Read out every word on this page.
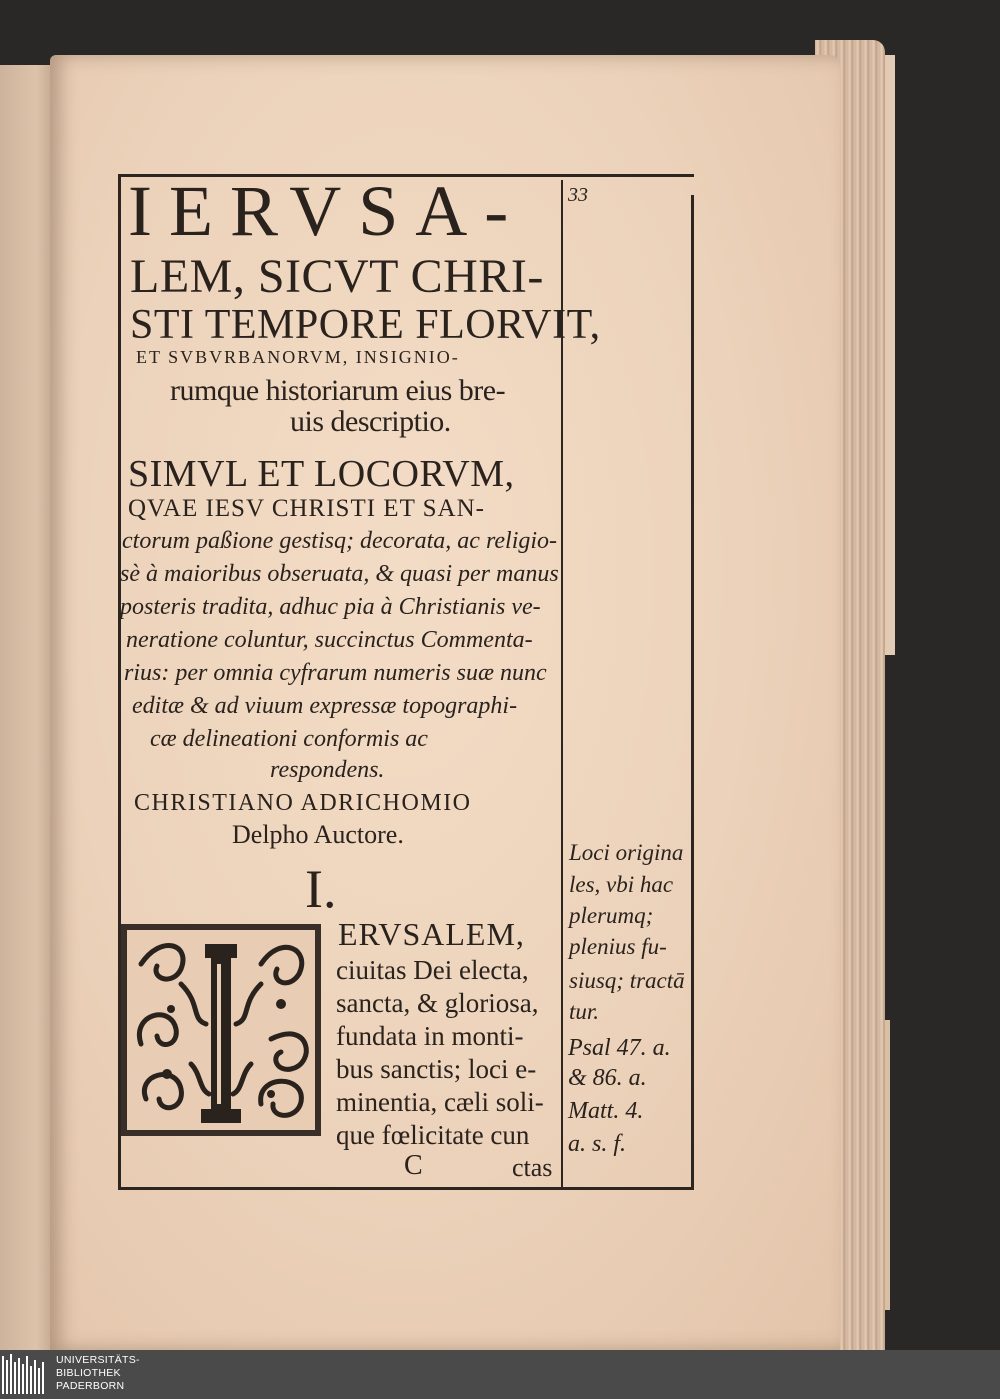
33
IERVSA-
LEM, SICVT CHRI-
STI TEMPORE FLORVIT,
ET SVBVRBANORVM, INSIGNIO-
rumque historiarum eius bre-
uis descriptio.
SIMVL ET LOCORVM,
QVAE IESV CHRISTI ET SAN-
ctorum paßione gestisq; decorata, ac religio-
sè à maioribus obseruata, & quasi per manus
posteris tradita, adhuc pia à Christianis ve-
neratione coluntur, succinctus Commenta-
rius: per omnia cyfrarum numeris suæ nunc
editæ & ad viuum expressæ topographi-
cæ delineationi conformis ac
respondens.
CHRISTIANO ADRICHOMIO
Delpho Auctore.
I.
ERVSALEM,
ciuitas Dei electa,
sancta, & gloriosa,
fundata in monti-
bus sanctis; loci e-
minentia, cæli soli-
que fœlicitate cun
C	ctas
Loci origina
les, vbi hac
plerumq;
plenius fu-
siusq; tractā
tur.
Psal 47. a.
& 86. a.
Matt. 4.
a. s. f.
UNIVERSITÄTS-
BIBLIOTHEK
PADERBORN
